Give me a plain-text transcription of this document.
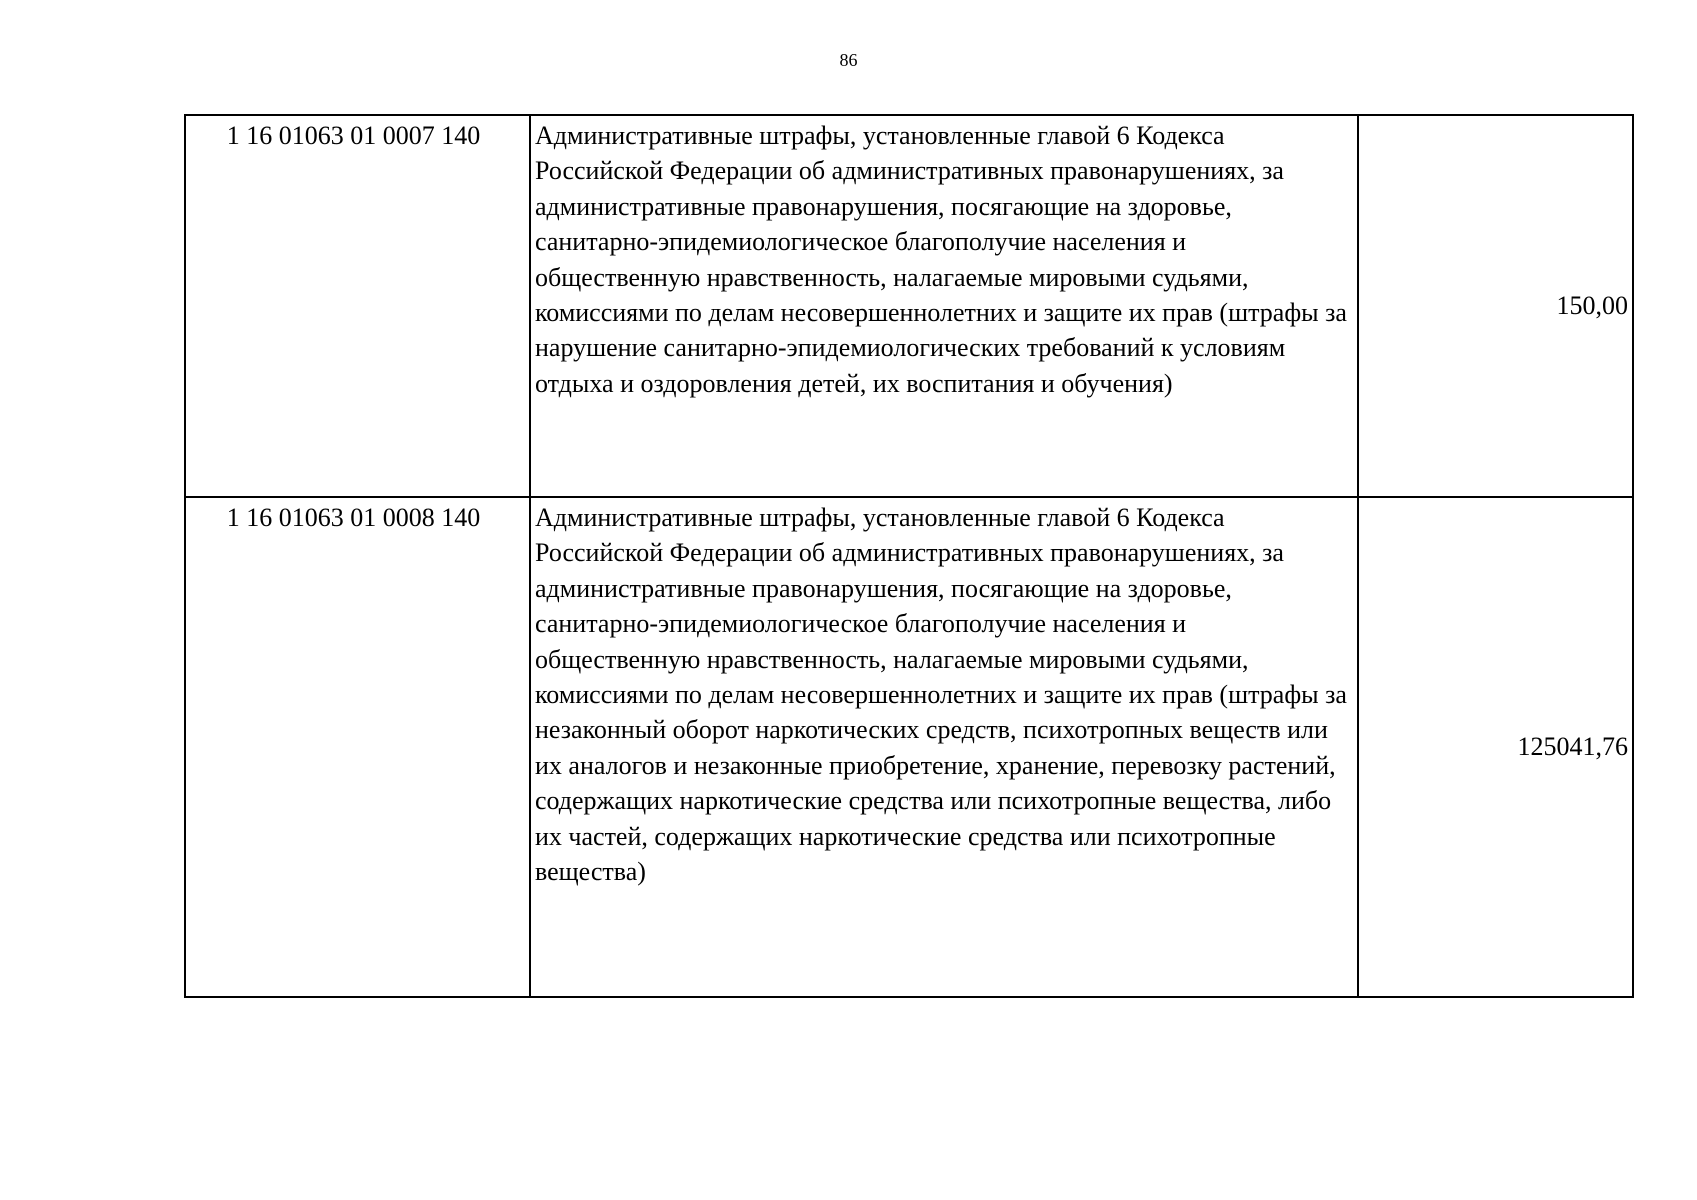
86
1 16 01063 01 0007 140	Административные штрафы, установленные главой 6 Кодекса Российской Федерации об административных правонарушениях, за административные правонарушения, посягающие на здоровье, санитарно-эпидемиологическое благополучие населения и общественную нравственность, налагаемые мировыми судьями, комиссиями по делам несовершеннолетних и защите их прав (штрафы за нарушение санитарно-эпидемиологических требований к условиям отдыха и оздоровления детей, их воспитания и обучения)	150,00
1 16 01063 01 0008 140	Административные штрафы, установленные главой 6 Кодекса Российской Федерации об административных правонарушениях, за административные правонарушения, посягающие на здоровье, санитарно-эпидемиологическое благополучие населения и общественную нравственность, налагаемые мировыми судьями, комиссиями по делам несовершеннолетних и защите их прав (штрафы за незаконный оборот наркотических средств, психотропных веществ или их аналогов и незаконные приобретение, хранение, перевозку растений, содержащих наркотические средства или психотропные вещества, либо их частей, содержащих наркотические средства или психотропные вещества)	125041,76
